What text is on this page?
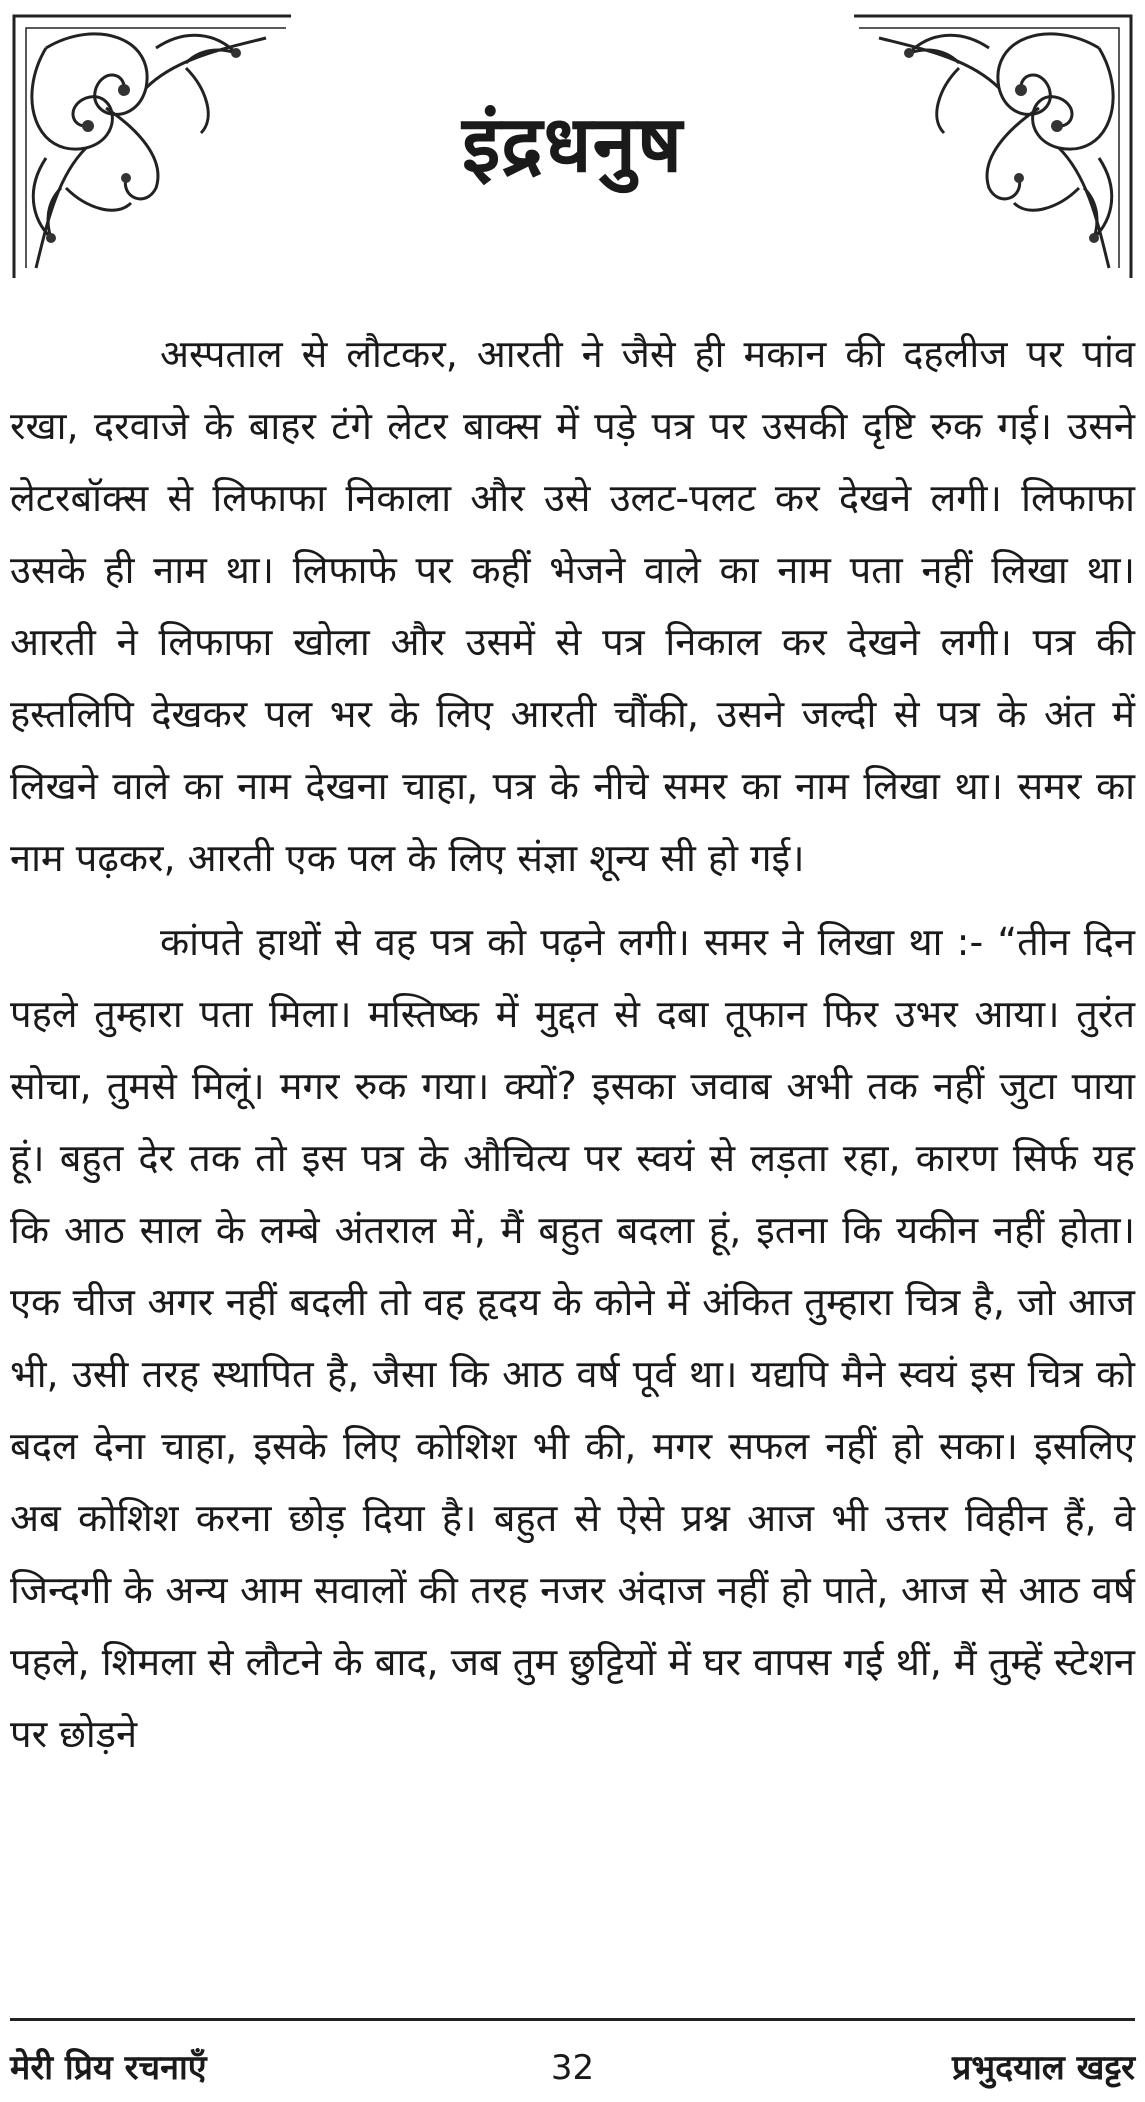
इंद्रधनुष

अस्पताल से लौटकर, आरती ने जैसे ही मकान की दहलीज पर पांव रखा, दरवाजे के बाहर टंगे लेटर बाक्स में पड़े पत्र पर उसकी दृष्टि रुक गई। उसने लेटरबॉक्स से लिफाफा निकाला और उसे उलट-पलट कर देखने लगी। लिफाफा उसके ही नाम था। लिफाफे पर कहीं भेजने वाले का नाम पता नहीं लिखा था। आरती ने लिफाफा खोला और उसमें से पत्र निकाल कर देखने लगी। पत्र की हस्तलिपि देखकर पल भर के लिए आरती चौंकी, उसने जल्दी से पत्र के अंत में लिखने वाले का नाम देखना चाहा, पत्र के नीचे समर का नाम लिखा था। समर का नाम पढ़कर, आरती एक पल के लिए संज्ञा शून्य सी हो गई।

कांपते हाथों से वह पत्र को पढ़ने लगी। समर ने लिखा था :- “तीन दिन पहले तुम्हारा पता मिला। मस्तिष्क में मुद्दत से दबा तूफान फिर उभर आया। तुरंत सोचा, तुमसे मिलूं। मगर रुक गया। क्यों? इसका जवाब अभी तक नहीं जुटा पाया हूं। बहुत देर तक तो इस पत्र के औचित्य पर स्वयं से लड़ता रहा, कारण सिर्फ यह कि आठ साल के लम्बे अंतराल में, मैं बहुत बदला हूं, इतना कि यकीन नहीं होता। एक चीज अगर नहीं बदली तो वह हृदय के कोने में अंकित तुम्हारा चित्र है, जो आज भी, उसी तरह स्थापित है, जैसा कि आठ वर्ष पूर्व था। यद्यपि मैने स्वयं इस चित्र को बदल देना चाहा, इसके लिए कोशिश भी की, मगर सफल नहीं हो सका। इसलिए अब कोशिश करना छोड़ दिया है। बहुत से ऐसे प्रश्न आज भी उत्तर विहीन हैं, वे जिन्दगी के अन्य आम सवालों की तरह नजर अंदाज नहीं हो पाते, आज से आठ वर्ष पहले, शिमला से लौटने के बाद, जब तुम छुट्टियों में घर वापस गई थीं, मैं तुम्हें स्टेशन पर छोड़ने

मेरी प्रिय रचनाएँ	32	प्रभुदयाल खट्टर
